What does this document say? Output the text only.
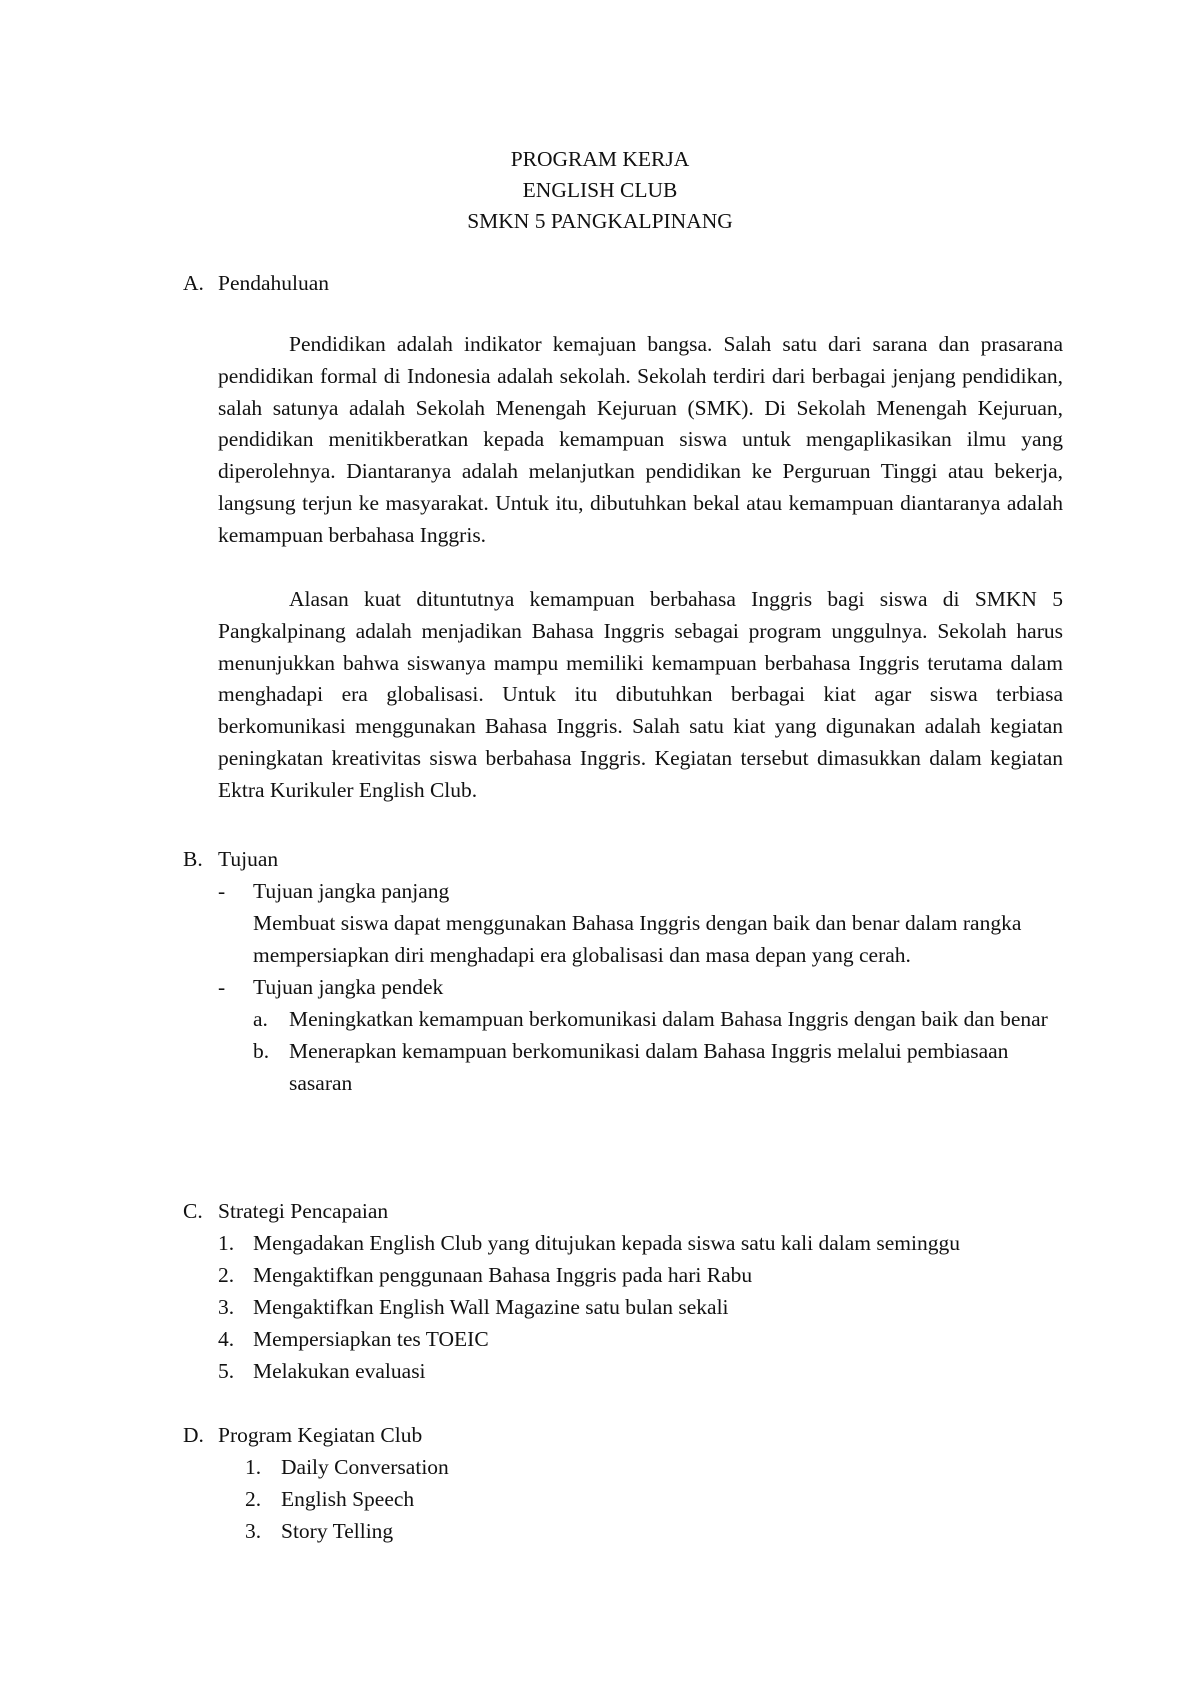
PROGRAM KERJA
ENGLISH CLUB
SMKN 5 PANGKALPINANG
A. Pendahuluan
Pendidikan adalah indikator kemajuan bangsa. Salah satu dari sarana dan prasarana pendidikan formal di Indonesia adalah sekolah. Sekolah terdiri dari berbagai jenjang pendidikan, salah satunya adalah Sekolah Menengah Kejuruan (SMK). Di Sekolah Menengah Kejuruan, pendidikan menitikberatkan kepada kemampuan siswa untuk mengaplikasikan ilmu yang diperolehnya. Diantaranya adalah melanjutkan pendidikan ke Perguruan Tinggi atau bekerja, langsung terjun ke masyarakat. Untuk itu, dibutuhkan bekal atau kemampuan diantaranya adalah kemampuan berbahasa Inggris.
Alasan kuat dituntutnya kemampuan berbahasa Inggris bagi siswa di SMKN 5 Pangkalpinang adalah menjadikan Bahasa Inggris sebagai program unggulnya. Sekolah harus menunjukkan bahwa siswanya mampu memiliki kemampuan berbahasa Inggris terutama dalam menghadapi era globalisasi. Untuk itu dibutuhkan berbagai kiat agar siswa terbiasa berkomunikasi menggunakan Bahasa Inggris. Salah satu kiat yang digunakan adalah kegiatan peningkatan kreativitas siswa berbahasa Inggris. Kegiatan tersebut dimasukkan dalam kegiatan Ektra Kurikuler English Club.
B. Tujuan
-	Tujuan jangka panjang
Membuat siswa dapat menggunakan Bahasa Inggris dengan baik dan benar dalam rangka mempersiapkan diri menghadapi era globalisasi dan masa depan yang cerah.
-	Tujuan jangka pendek
a. Meningkatkan kemampuan berkomunikasi dalam Bahasa Inggris dengan baik dan benar
b. Menerapkan kemampuan berkomunikasi dalam Bahasa Inggris melalui pembiasaan sasaran
C. Strategi Pencapaian
1. Mengadakan English Club yang ditujukan kepada siswa satu kali dalam seminggu
2. Mengaktifkan penggunaan Bahasa Inggris pada hari Rabu
3. Mengaktifkan English Wall Magazine satu bulan sekali
4. Mempersiapkan tes TOEIC
5. Melakukan evaluasi
D. Program Kegiatan Club
1. Daily Conversation
2. English Speech
3. Story Telling
